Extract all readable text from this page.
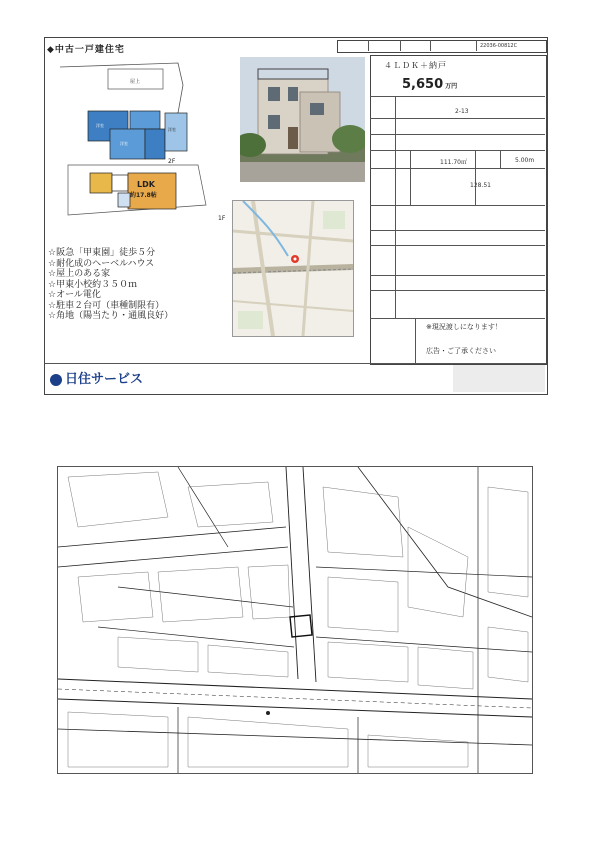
◆中古一戸建住宅	22036-00812C
屋上
洋室
洋室
洋室
LDK
約17.8帖
2F
1F
☆阪急「甲東園」徒歩５分
☆耐化成のヘーベルハウス
☆屋上のある家
☆甲東小校約３５０ｍ
☆オール電化
☆駐車２台可（車種制限有）
☆角地（陽当たり・通風良好）
４ＬＤＫ＋納戸
5,650 万円
2-13
111.70㎡	5.00m
128.51
※現況渡しになります！
広告・ご了承ください
日住サービス
